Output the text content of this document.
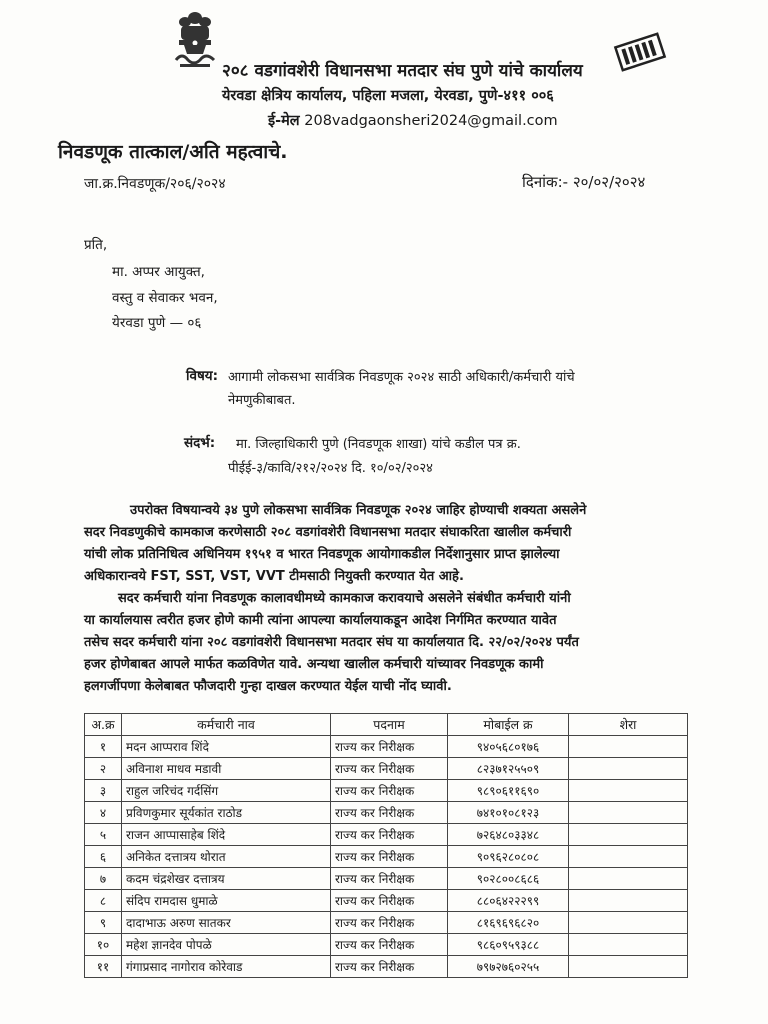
२०८ वडगांवशेरी विधानसभा मतदार संघ पुणे यांचे कार्यालय
येरवडा क्षेत्रिय कार्यालय, पहिला मजला, येरवडा, पुणे-४११ ००६
ई-मेल 208vadgaonsheri2024@gmail.com
निवडणूक तात्काल/अति महत्वाचे.
जा.क्र.निवडणूक/२०६/२०२४	दिनांक:- २०/०२/२०२४
प्रति,
मा. अप्पर आयुक्त,
वस्तु व सेवाकर भवन,
येरवडा पुणे — ०६
विषय: आगामी लोकसभा सार्वत्रिक निवडणूक २०२४ साठी अधिकारी/कर्मचारी यांचे
नेमणुकीबाबत.
संदर्भ: मा. जिल्हाधिकारी पुणे (निवडणूक शाखा) यांचे कडील पत्र क्र.
पीईई-३/कावि/२१२/२०२४ दि. १०/०२/२०२४
उपरोक्त विषयान्वये ३४ पुणे लोकसभा सार्वत्रिक निवडणूक २०२४ जाहिर होण्याची शक्यता असलेने
सदर निवडणुकीचे कामकाज करणेसाठी २०८ वडगांवशेरी विधानसभा मतदार संघाकरिता खालील कर्मचारी
यांची लोक प्रतिनिधित्व अधिनियम १९५१ व भारत निवडणूक आयोगाकडील निर्देशानुसार प्राप्त झालेल्या
अधिकारान्वये FST, SST, VST, VVT टीमसाठी नियुक्ती करण्यात येत आहे.
सदर कर्मचारी यांना निवडणूक कालावधीमध्ये कामकाज करावयाचे असलेने संबंधीत कर्मचारी यांनी
या कार्यालयास त्वरीत हजर होणे कामी त्यांना आपल्या कार्यालयाकडून आदेश निर्गमित करण्यात यावेत
तसेच सदर कर्मचारी यांना २०८ वडगांवशेरी विधानसभा मतदार संघ या कार्यालयात दि. २२/०२/२०२४ पर्यंत
हजर होणेबाबत आपले मार्फत कळविणेत यावे. अन्यथा खालील कर्मचारी यांच्यावर निवडणूक कामी
हलगर्जीपणा केलेबाबत फौजदारी गुन्हा दाखल करण्यात येईल याची नोंद घ्यावी.
अ.क्र	कर्मचारी नाव	पदनाम	मोबाईल क्र	शेरा
१	मदन आप्पराव शिंदे	राज्य कर निरीक्षक	९४०५६८०१७६	
२	अविनाश माधव मडावी	राज्य कर निरीक्षक	८२३७१२५५०९	
३	राहुल जरिचंद गर्दसिंग	राज्य कर निरीक्षक	९८९०६११६९०	
४	प्रविणकुमार सूर्यकांत राठोड	राज्य कर निरीक्षक	७४१०१०८१२३	
५	राजन आप्पासाहेब शिंदे	राज्य कर निरीक्षक	७२६४८०३३४८	
६	अनिकेत दत्तात्रय थोरात	राज्य कर निरीक्षक	९०९६२८०८०८	
७	कदम चंद्रशेखर दत्तात्रय	राज्य कर निरीक्षक	९०२८००८६८६	
८	संदिप रामदास धुमाळे	राज्य कर निरीक्षक	८८०६४२२२९९	
९	दादाभाऊ अरुण सातकर	राज्य कर निरीक्षक	८१६९६९६८२०	
१०	महेश ज्ञानदेव पोपळे	राज्य कर निरीक्षक	९८६०९५९३८८	
११	गंगाप्रसाद नागोराव कोरेवाड	राज्य कर निरीक्षक	७९७२७६०२५५	
